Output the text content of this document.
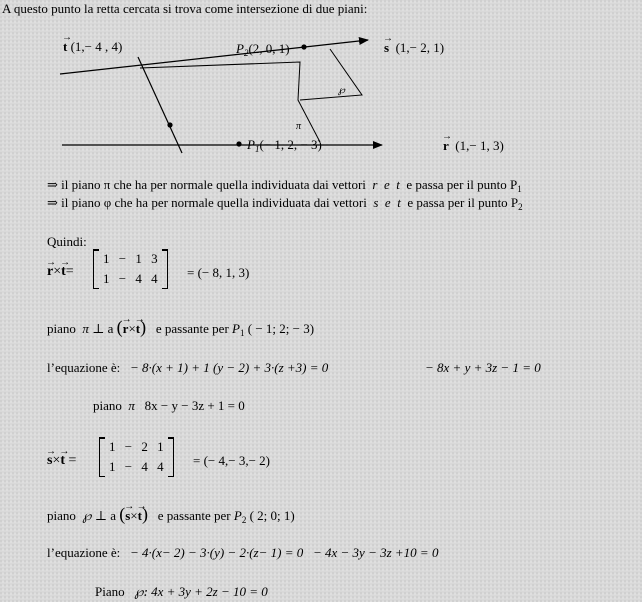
A questo punto la retta cercata si trova come intersezione di due piani:
t → (1,− 4 , 4)	$P_2(2$, 0, 1)	s → (1,− 2, 1)
℘
π
$P_1(- 1$, 2, − 3)	r → (1,− 1, 3)
⇒ il piano π che ha per normale quella individuata dai vettori r e t e passa per il punto $P_1$
⇒ il piano φ che ha per normale quella individuata dai vettori s e t e passa per il punto $P_2$
Quindi:
r →×t →=
1 − 1 3
1 − 4 4	= (− 8, 1, 3)
piano π ⊥ a (r →×t →) e passante per $P_1$ ( − 1; 2; − 3)
l’equazione è: − 8·(x + 1) + 1 (y − 2) + 3·(z +3) = 0	− 8x + y + 3z − 1 = 0
piano π 8x − y − 3z + 1 = 0
s →×t → =
1 − 2 1
1 − 4 4	= (− 4,− 3,− 2)
piano ℘ ⊥ a (s →×t →) e passante per $P_2$ ( 2; 0; 1)
l’equazione è: − 4·(x− 2) − 3·(y) − 2·(z− 1) = 0 − 4x − 3y − 3z +10 = 0
Piano ℘: 4x + 3y + 2z − 10 = 0
